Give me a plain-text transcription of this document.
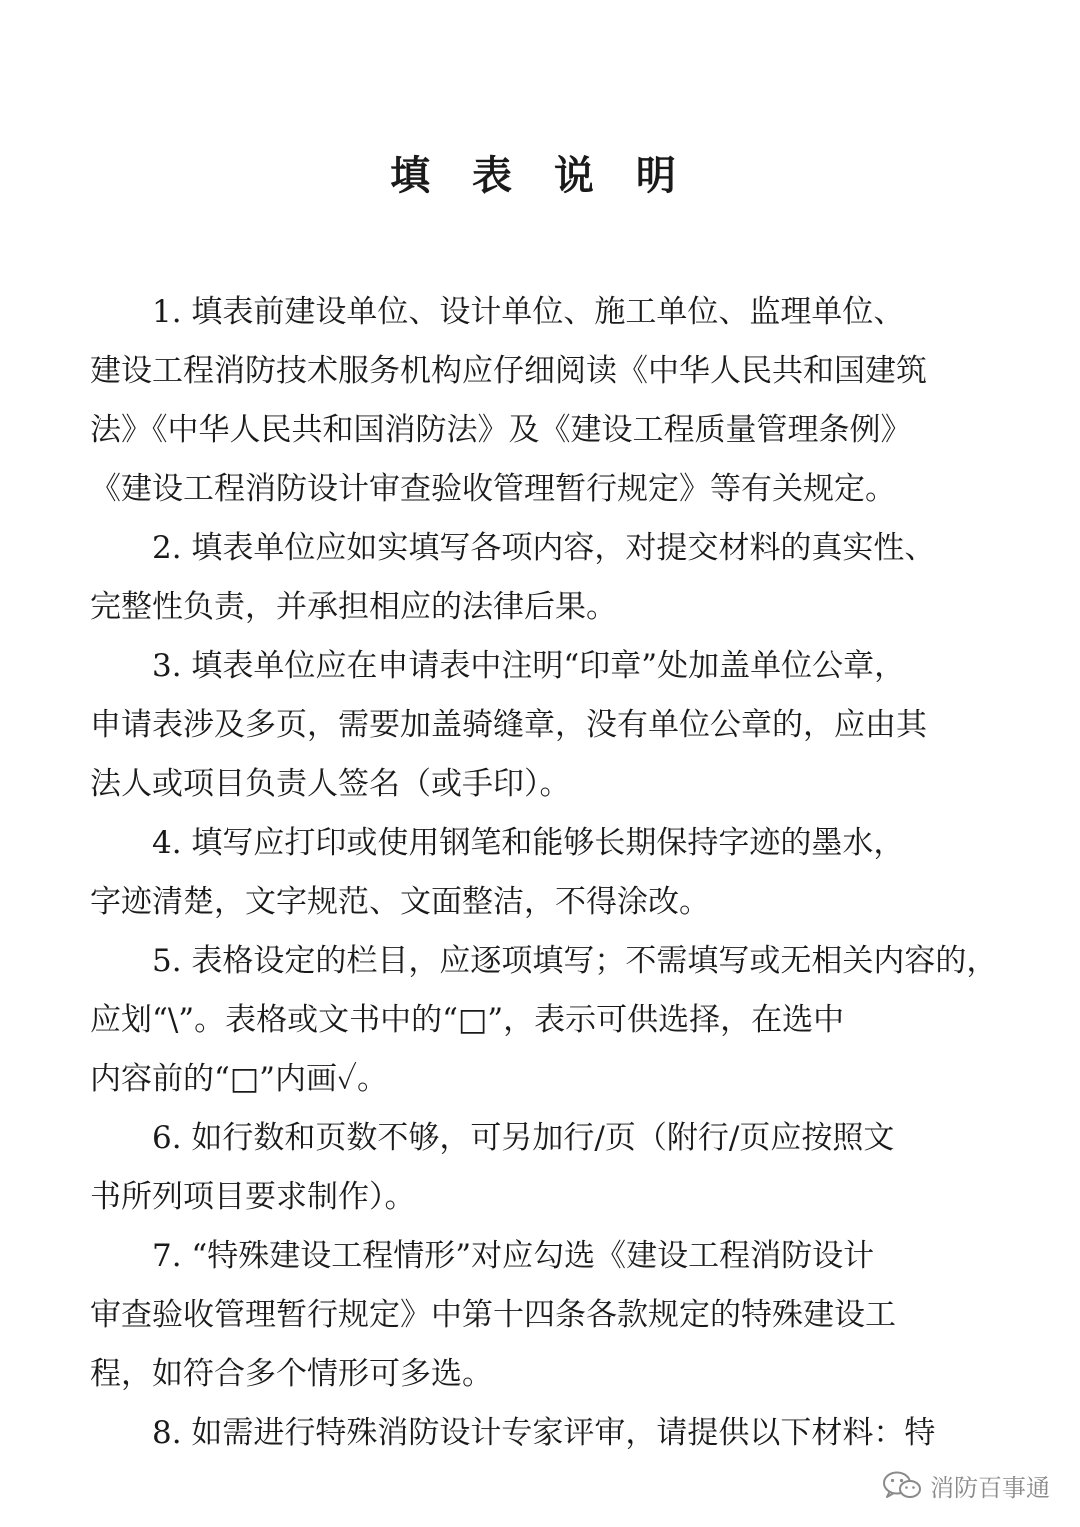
填 表 说 明
1. 填表前建设单位、设计单位、施工单位、监理单位、
建设工程消防技术服务机构应仔细阅读《中华人民共和国建筑
法》《中华人民共和国消防法》及《建设工程质量管理条例》
《建设工程消防设计审查验收管理暂行规定》等有关规定。
2. 填表单位应如实填写各项内容，对提交材料的真实性、
完整性负责，并承担相应的法律后果。
3. 填表单位应在申请表中注明“印章”处加盖单位公章，
申请表涉及多页，需要加盖骑缝章，没有单位公章的，应由其
法人或项目负责人签名（或手印）。
4. 填写应打印或使用钢笔和能够长期保持字迹的墨水，
字迹清楚，文字规范、文面整洁，不得涂改。
5. 表格设定的栏目，应逐项填写；不需填写或无相关内容的，
应划“\”。表格或文书中的“□”，表示可供选择，在选中
内容前的“□”内画✓。
6. 如行数和页数不够，可另加行/页（附行/页应按照文
书所列项目要求制作）。
7. “特殊建设工程情形”对应勾选《建设工程消防设计
审查验收管理暂行规定》中第十四条各款规定的特殊建设工
程，如符合多个情形可多选。
8. 如需进行特殊消防设计专家评审，请提供以下材料：特
消防百事通
